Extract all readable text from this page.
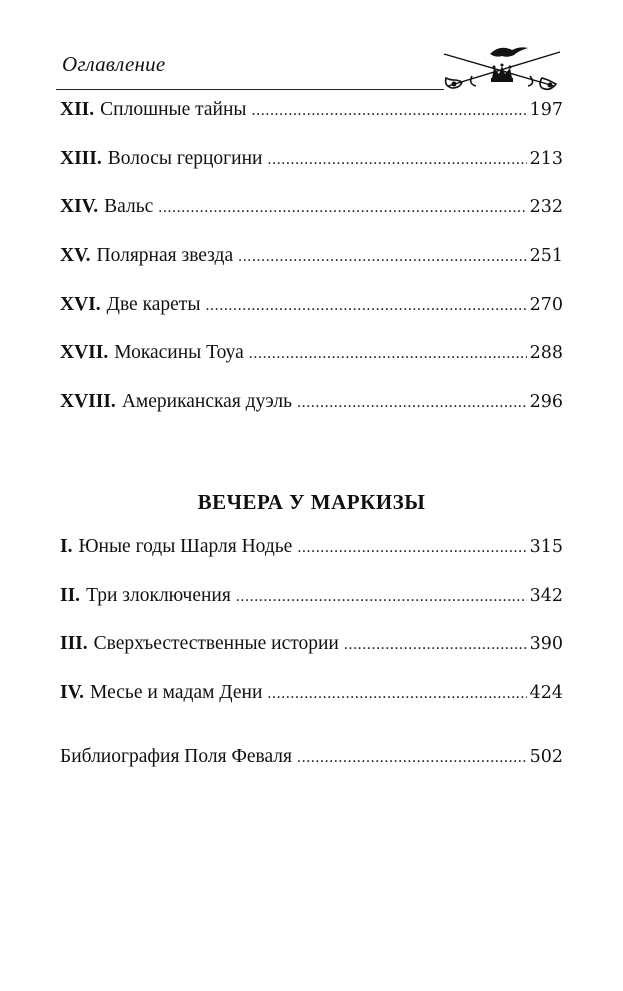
Оглавление
XII. Сплошные тайны .....	197
XIII. Волосы герцогини .....	213
XIV. Вальс .....	232
XV. Полярная звезда .....	251
XVI. Две кареты .....	270
XVII. Мокасины Тоуа .....	288
XVIII. Американская дуэль .....	296
ВЕЧЕРА У МАРКИЗЫ
I. Юные годы Шарля Нодье .....	315
II. Три злоключения .....	342
III. Сверхъестественные истории .....	390
IV. Месье и мадам Дени .....	424
Библиография Поля Феваля .....	502
